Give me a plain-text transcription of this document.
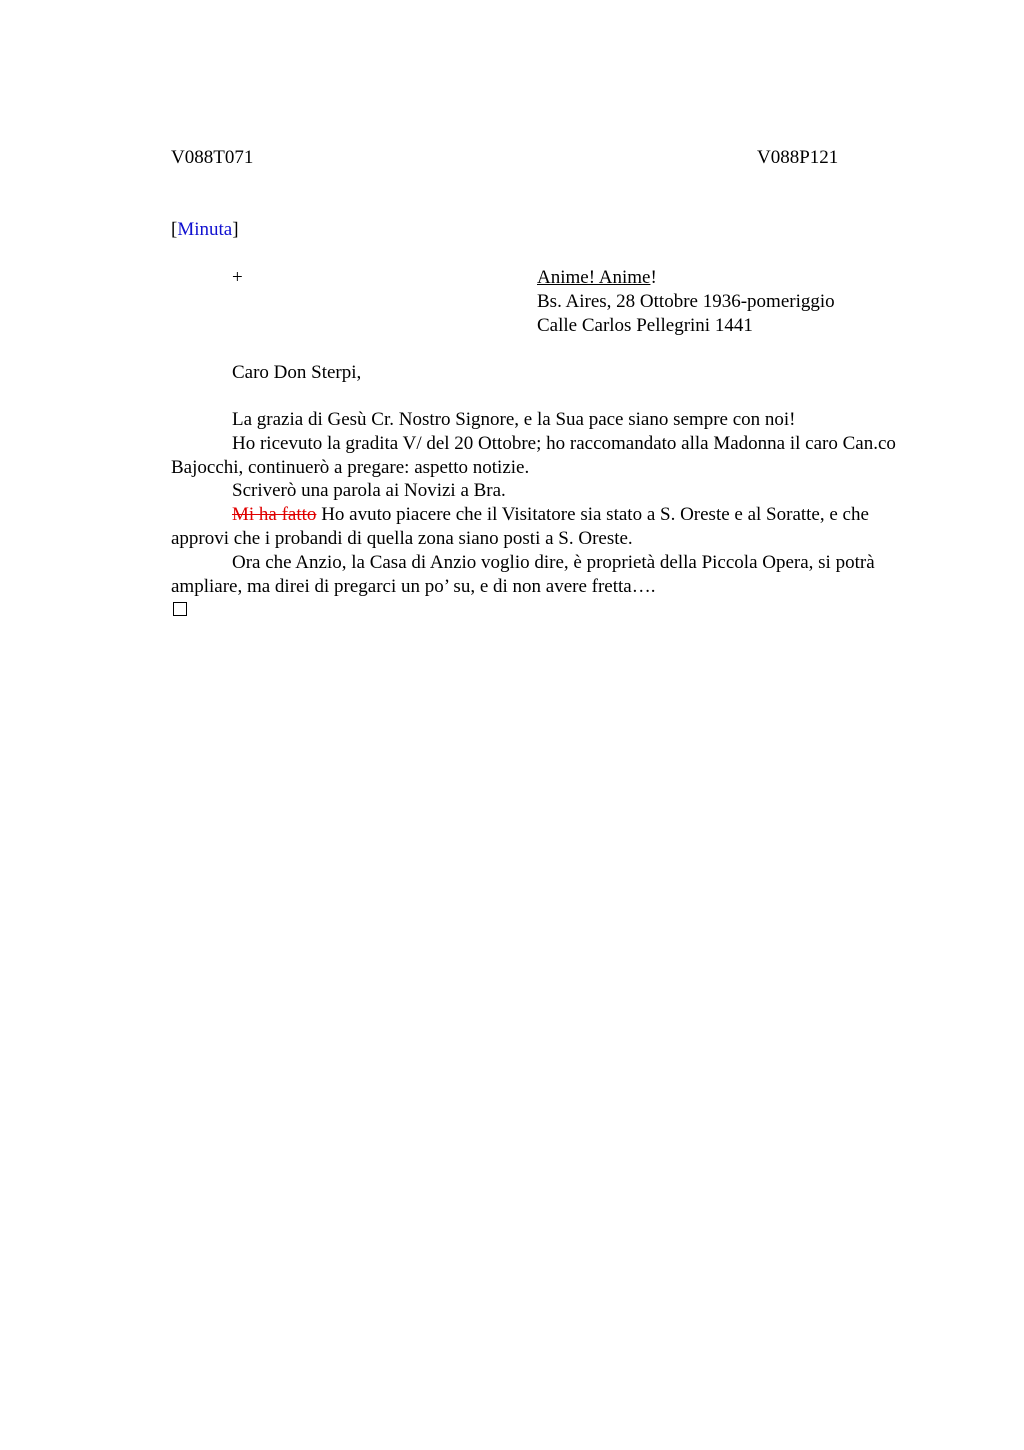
V088T071	V088P121
[Minuta]
+	Anime! Anime!
Bs. Aires, 28 Ottobre 1936-pomeriggio
Calle Carlos Pellegrini 1441
Caro Don Sterpi,

La grazia di Gesù Cr. Nostro Signore, e la Sua pace siano sempre con noi!

Ho ricevuto la gradita V/ del 20 Ottobre; ho raccomandato alla Madonna il caro Can.co Bajocchi, continuerò a pregare: aspetto notizie.

Scriverò una parola ai Novizi a Bra.

Mi ha fatto Ho avuto piacere che il Visitatore sia stato a S. Oreste e al Soratte, e che approvi che i probandi di quella zona siano posti a S. Oreste.

Ora che Anzio, la Casa di Anzio voglio dire, è proprietà della Piccola Opera, si potrà ampliare, ma direi di pregarci un po’ su, e di non avere fretta….
